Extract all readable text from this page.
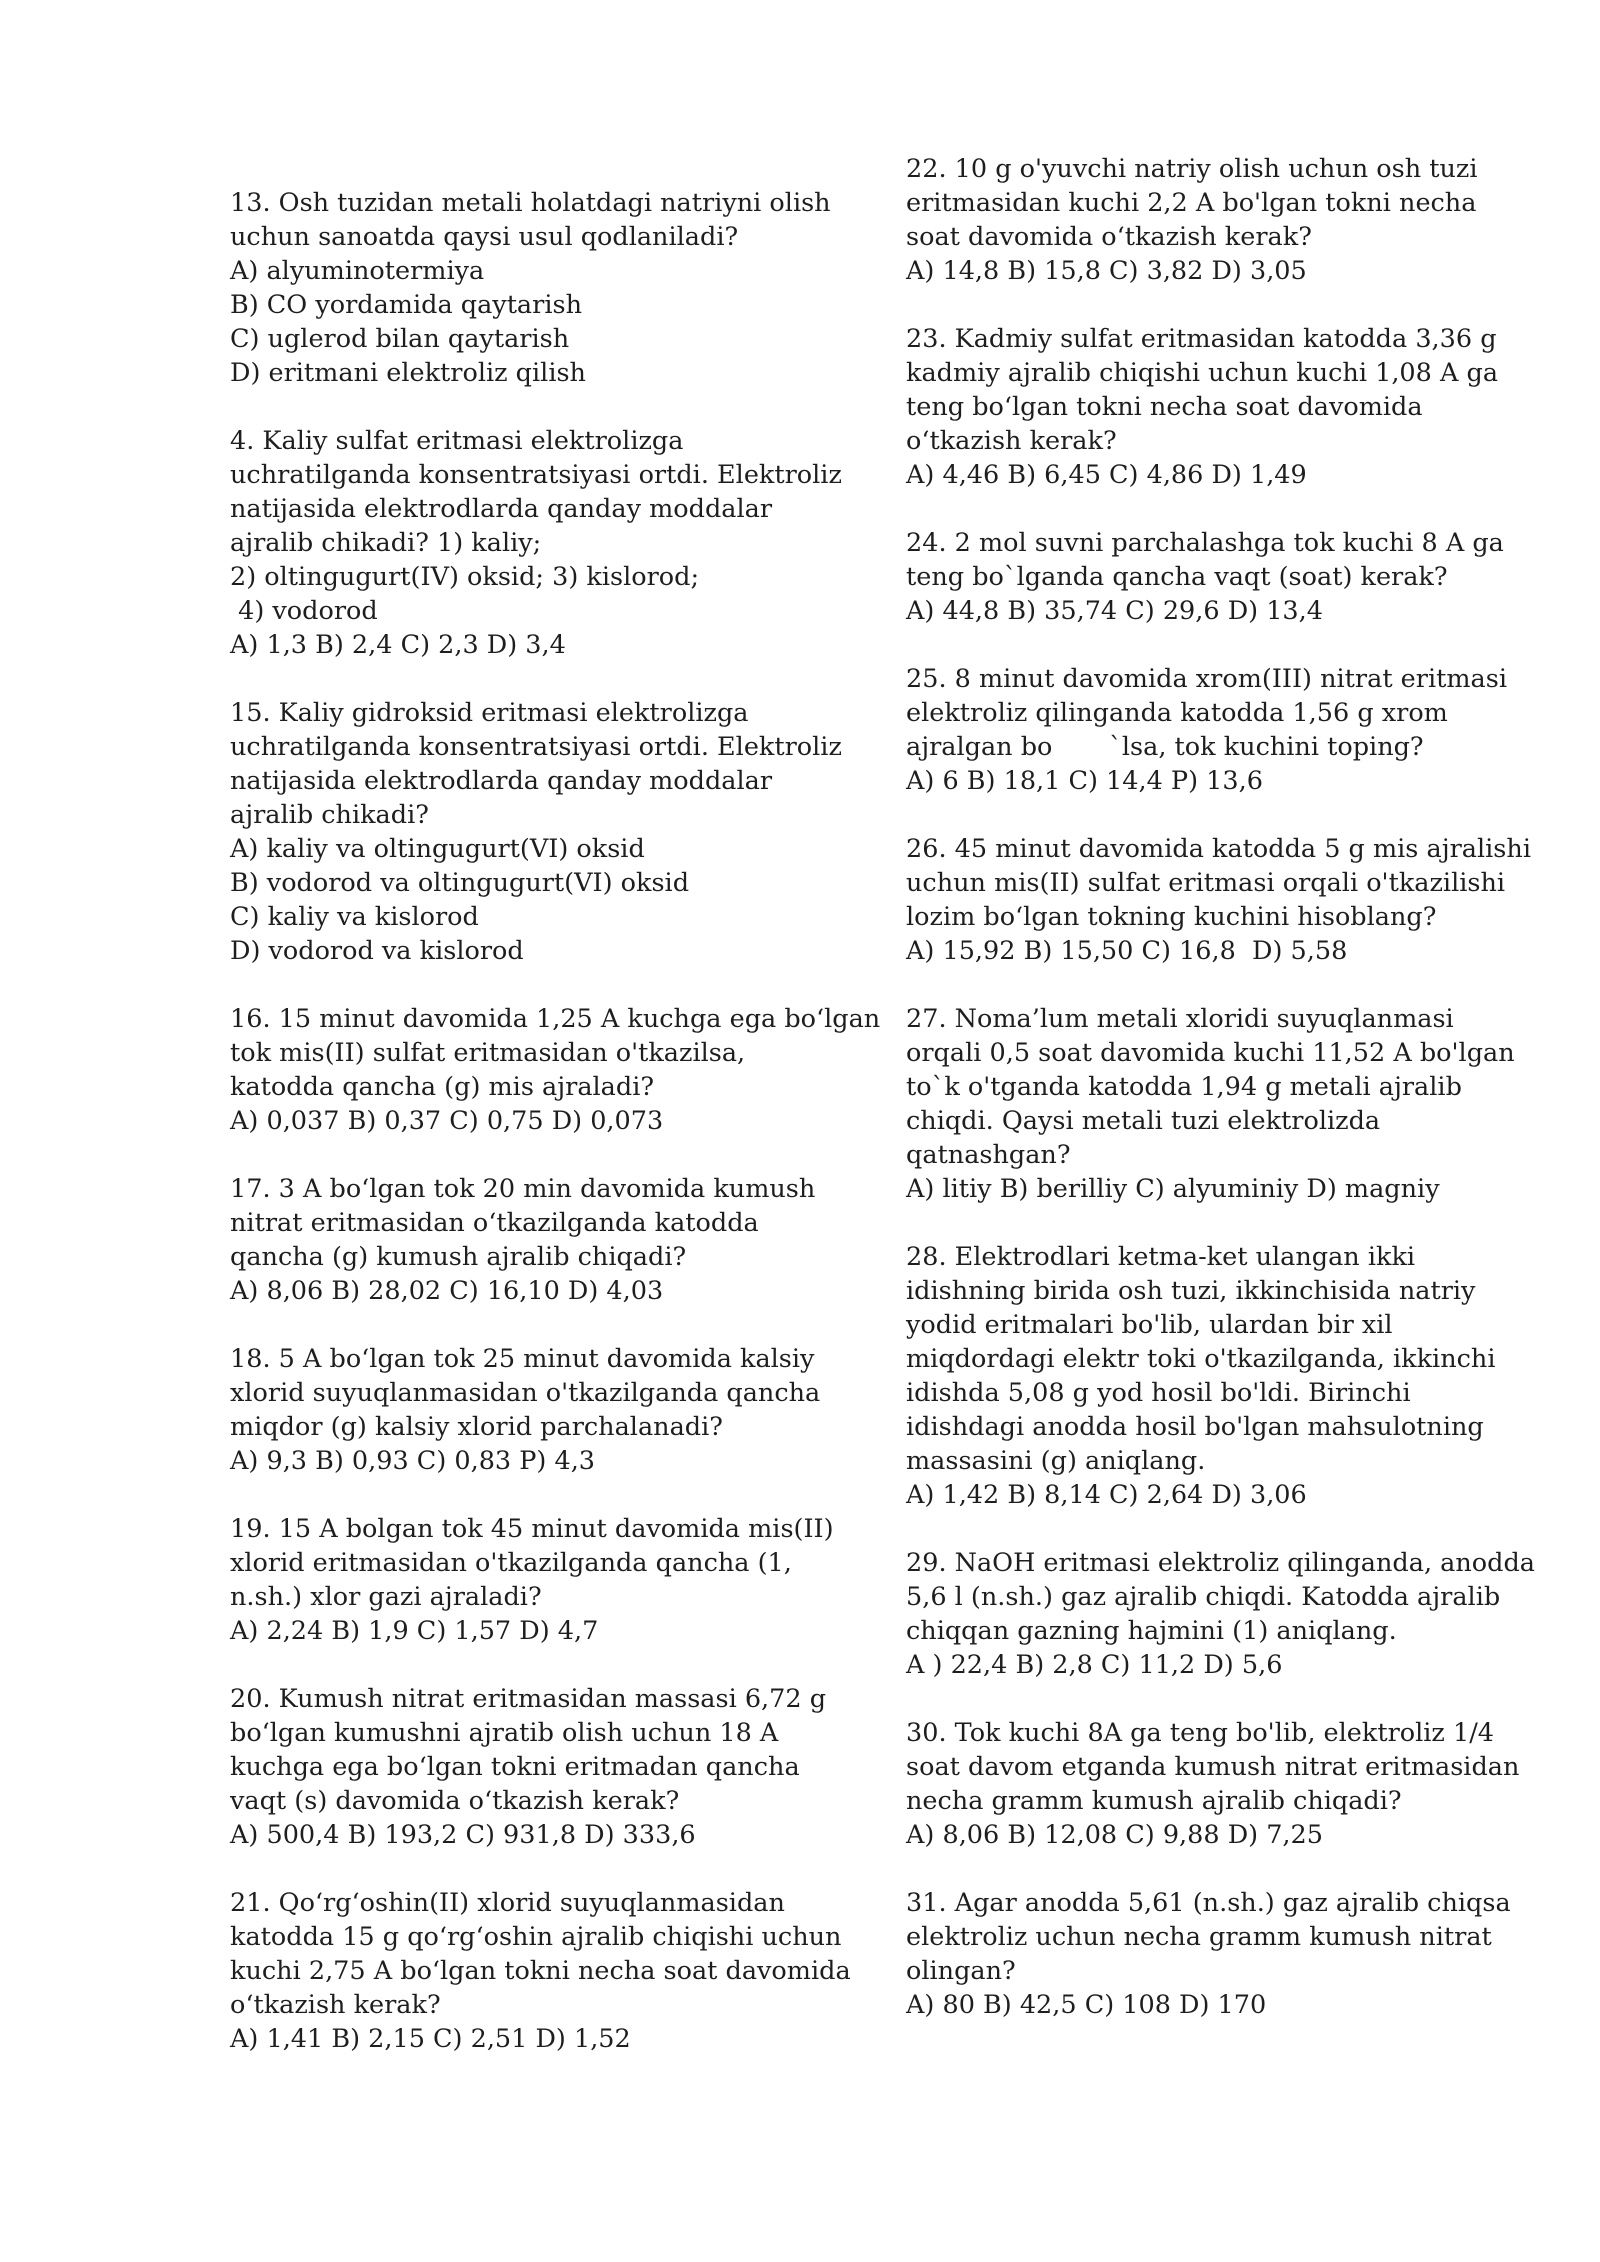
13. Osh tuzidan metali holatdagi natriyni olish
uchun sanoatda qaysi usul qodlaniladi?
A) alyuminotermiya
B) CO yordamida qaytarish
C) uglerod bilan qaytarish
D) eritmani elektroliz qilish
4. Kaliy sulfat eritmasi elektrolizga
uchratilganda konsentratsiyasi ortdi. Elektroliz
natijasida elektrodlarda qanday moddalar
ajralib chikadi? 1) kaliy;
2) oltingugurt(IV) oksid; 3) kislorod;
4) vodorod
A) 1,3 B) 2,4 C) 2,3 D) 3,4
15. Kaliy gidroksid eritmasi elektrolizga
uchratilganda konsentratsiyasi ortdi. Elektroliz
natijasida elektrodlarda qanday moddalar
ajralib chikadi?
A) kaliy va oltingugurt(VI) oksid
B) vodorod va oltingugurt(VI) oksid
C) kaliy va kislorod
D) vodorod va kislorod
16. 15 minut davomida 1,25 A kuchga ega bo‘lgan
tok mis(II) sulfat eritmasidan o'tkazilsa,
katodda qancha (g) mis ajraladi?
A) 0,037 B) 0,37 C) 0,75 D) 0,073
17. 3 A bo‘lgan tok 20 min davomida kumush
nitrat eritmasidan o‘tkazilganda katodda
qancha (g) kumush ajralib chiqadi?
A) 8,06 B) 28,02 C) 16,10 D) 4,03
18. 5 A bo‘lgan tok 25 minut davomida kalsiy
xlorid suyuqlanmasidan o'tkazilganda qancha
miqdor (g) kalsiy xlorid parchalanadi?
A) 9,3 B) 0,93 C) 0,83 P) 4,3
19. 15 A bolgan tok 45 minut davomida mis(II)
xlorid eritmasidan o'tkazilganda qancha (1,
n.sh.) xlor gazi ajraladi?
A) 2,24 B) 1,9 C) 1,57 D) 4,7
20. Kumush nitrat eritmasidan massasi 6,72 g
bo‘lgan kumushni ajratib olish uchun 18 A
kuchga ega bo‘lgan tokni eritmadan qancha
vaqt (s) davomida o‘tkazish kerak?
A) 500,4 B) 193,2 C) 931,8 D) 333,6
21. Qo‘rg‘oshin(II) xlorid suyuqlanmasidan
katodda 15 g qo‘rg‘oshin ajralib chiqishi uchun
kuchi 2,75 A bo‘lgan tokni necha soat davomida
o‘tkazish kerak?
A) 1,41 B) 2,15 C) 2,51 D) 1,52
22. 10 g o'yuvchi natriy olish uchun osh tuzi
eritmasidan kuchi 2,2 A bo'lgan tokni necha
soat davomida o‘tkazish kerak?
A) 14,8 B) 15,8 C) 3,82 D) 3,05
23. Kadmiy sulfat eritmasidan katodda 3,36 g
kadmiy ajralib chiqishi uchun kuchi 1,08 A ga
teng bo‘lgan tokni necha soat davomida
o‘tkazish kerak?
A) 4,46 B) 6,45 C) 4,86 D) 1,49
24. 2 mol suvni parchalashga tok kuchi 8 A ga
teng bo`lganda qancha vaqt (soat) kerak?
A) 44,8 B) 35,74 C) 29,6 D) 13,4
25. 8 minut davomida xrom(III) nitrat eritmasi
elektroliz qilinganda katodda 1,56 g xrom
ajralgan bo       `lsa, tok kuchini toping?
A) 6 B) 18,1 C) 14,4 P) 13,6
26. 45 minut davomida katodda 5 g mis ajralishi
uchun mis(II) sulfat eritmasi orqali o'tkazilishi
lozim bo‘lgan tokning kuchini hisoblang?
A) 15,92 B) 15,50 C) 16,8  D) 5,58
27. Noma’lum metali xloridi suyuqlanmasi
orqali 0,5 soat davomida kuchi 11,52 A bo'lgan
to`k o'tganda katodda 1,94 g metali ajralib
chiqdi. Qaysi metali tuzi elektrolizda
qatnashgan?
A) litiy B) berilliy C) alyuminiy D) magniy
28. Elektrodlari ketma-ket ulangan ikki
idishning birida osh tuzi, ikkinchisida natriy
yodid eritmalari bo'lib, ulardan bir xil
miqdordagi elektr toki o'tkazilganda, ikkinchi
idishda 5,08 g yod hosil bo'ldi. Birinchi
idishdagi anodda hosil bo'lgan mahsulotning
massasini (g) aniqlang.
A) 1,42 B) 8,14 C) 2,64 D) 3,06
29. NaOH eritmasi elektroliz qilinganda, anodda
5,6 l (n.sh.) gaz ajralib chiqdi. Katodda ajralib
chiqqan gazning hajmini (1) aniqlang.
A ) 22,4 B) 2,8 C) 11,2 D) 5,6
30. Tok kuchi 8A ga teng bo'lib, elektroliz 1/4
soat davom etganda kumush nitrat eritmasidan
necha gramm kumush ajralib chiqadi?
A) 8,06 B) 12,08 C) 9,88 D) 7,25
31. Agar anodda 5,61 (n.sh.) gaz ajralib chiqsa
elektroliz uchun necha gramm kumush nitrat
olingan?
A) 80 B) 42,5 C) 108 D) 170
